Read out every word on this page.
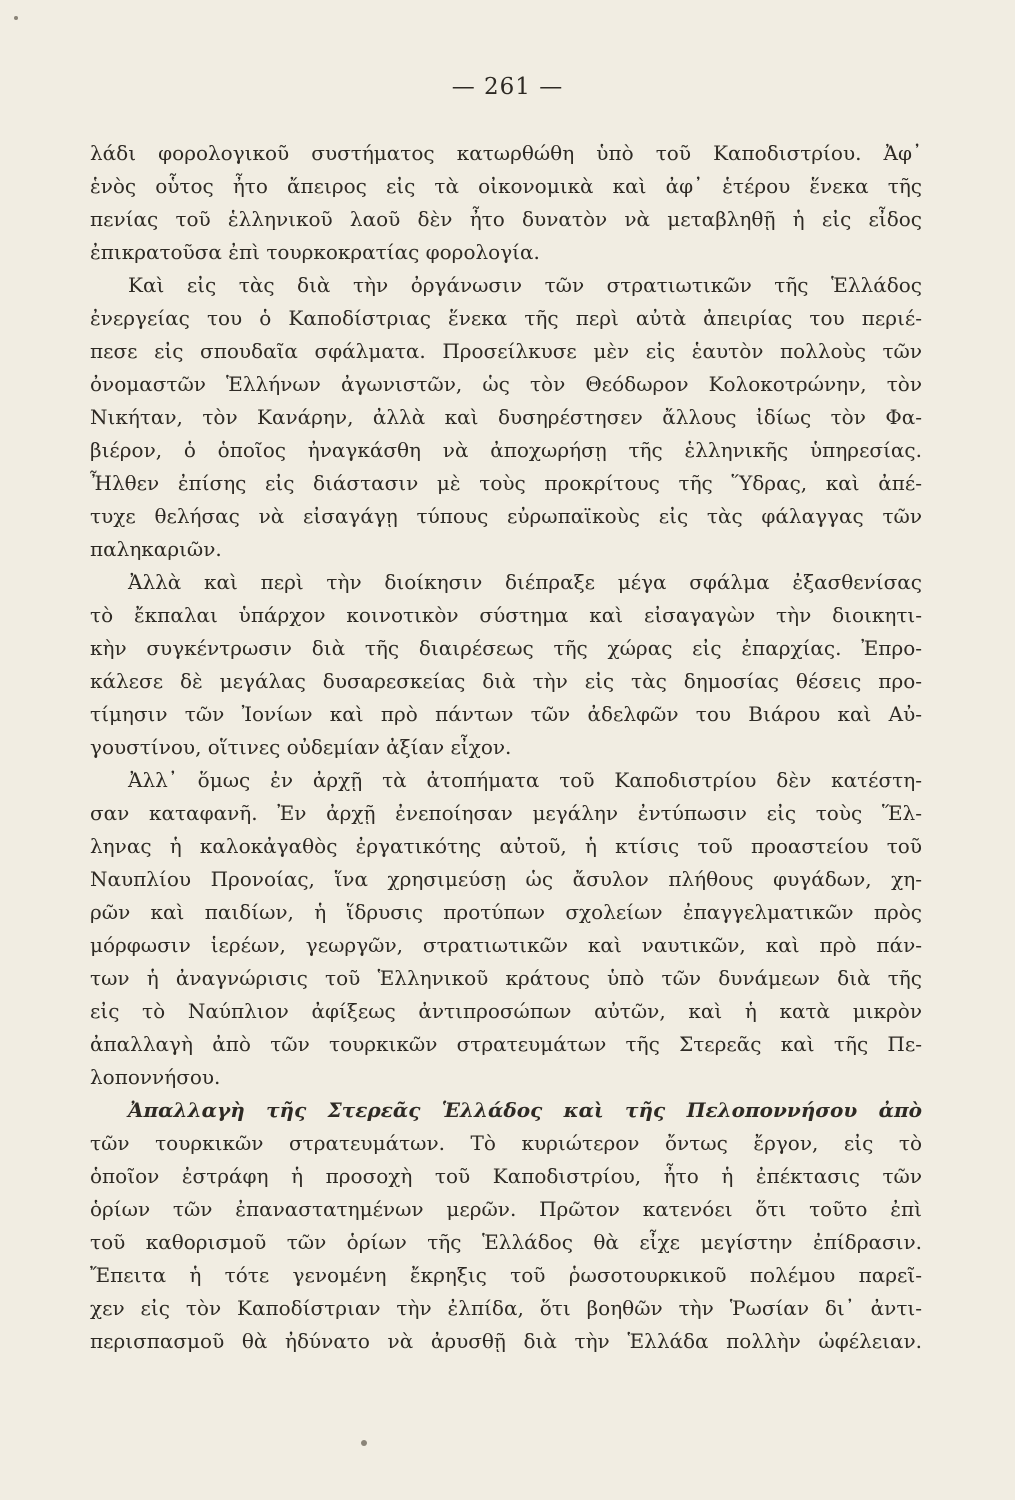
— 261 —
λάδι φορολογικοῦ συστήματος κατωρθώθη ὑπὸ τοῦ Καποδιστρίου. Ἀφ᾽
ἑνὸς οὗτος ἦτο ἄπειρος εἰς τὰ οἰκονομικὰ καὶ ἀφ᾽ ἑτέρου ἕνεκα τῆς
πενίας τοῦ ἑλληνικοῦ λαοῦ δὲν ἦτο δυνατὸν νὰ μεταβληθῇ ἡ εἰς εἶδος
ἐπικρατοῦσα ἐπὶ τουρκοκρατίας φορολογία.
Καὶ εἰς τὰς διὰ τὴν ὀργάνωσιν τῶν στρατιωτικῶν τῆς Ἑλλάδος
ἐνεργείας του ὁ Καποδίστριας ἕνεκα τῆς περὶ αὐτὰ ἀπειρίας του περιέ-
πεσε εἰς σπουδαῖα σφάλματα. Προσείλκυσε μὲν εἰς ἑαυτὸν πολλοὺς τῶν
ὀνομαστῶν Ἑλλήνων ἀγωνιστῶν, ὡς τὸν Θεόδωρον Κολοκοτρώνην, τὸν
Νικήταν, τὸν Κανάρην, ἀλλὰ καὶ δυσηρέστησεν ἄλλους ἰδίως τὸν Φα-
βιέρον, ὁ ὁποῖος ἠναγκάσθη νὰ ἀποχωρήσῃ τῆς ἑλληνικῆς ὑπηρεσίας.
Ἦλθεν ἐπίσης εἰς διάστασιν μὲ τοὺς προκρίτους τῆς Ὕδρας, καὶ ἀπέ-
τυχε θελήσας νὰ εἰσαγάγῃ τύπους εὐρωπαϊκοὺς εἰς τὰς φάλαγγας τῶν
παληκαριῶν.
Ἀλλὰ καὶ περὶ τὴν διοίκησιν διέπραξε μέγα σφάλμα ἐξασθενίσας
τὸ ἔκπαλαι ὑπάρχον κοινοτικὸν σύστημα καὶ εἰσαγαγὼν τὴν διοικητι-
κὴν συγκέντρωσιν διὰ τῆς διαιρέσεως τῆς χώρας εἰς ἐπαρχίας. Ἐπρο-
κάλεσε δὲ μεγάλας δυσαρεσκείας διὰ τὴν εἰς τὰς δημοσίας θέσεις προ-
τίμησιν τῶν Ἰονίων καὶ πρὸ πάντων τῶν ἀδελφῶν του Βιάρου καὶ Αὐ-
γουστίνου, οἵτινες οὐδεμίαν ἀξίαν εἶχον.
Ἀλλ᾽ ὅμως ἐν ἀρχῇ τὰ ἀτοπήματα τοῦ Καποδιστρίου δὲν κατέστη-
σαν καταφανῆ. Ἐν ἀρχῇ ἐνεποίησαν μεγάλην ἐντύπωσιν εἰς τοὺς Ἕλ-
ληνας ἡ καλοκἀγαθὸς ἐργατικότης αὐτοῦ, ἡ κτίσις τοῦ προαστείου τοῦ
Ναυπλίου Προνοίας, ἵνα χρησιμεύσῃ ὡς ἄσυλον πλήθους φυγάδων, χη-
ρῶν καὶ παιδίων, ἡ ἵδρυσις προτύπων σχολείων ἐπαγγελματικῶν πρὸς
μόρφωσιν ἱερέων, γεωργῶν, στρατιωτικῶν καὶ ναυτικῶν, καὶ πρὸ πάν-
των ἡ ἀναγνώρισις τοῦ Ἑλληνικοῦ κράτους ὑπὸ τῶν δυνάμεων διὰ τῆς
εἰς τὸ Ναύπλιον ἀφίξεως ἀντιπροσώπων αὐτῶν, καὶ ἡ κατὰ μικρὸν
ἀπαλλαγὴ ἀπὸ τῶν τουρκικῶν στρατευμάτων τῆς Στερεᾶς καὶ τῆς Πε-
λοποννήσου.
Ἀπαλλαγὴ τῆς Στερεᾶς Ἑλλάδος καὶ τῆς Πελοποννήσου ἀπὸ
τῶν τουρκικῶν στρατευμάτων. Τὸ κυριώτερον ὄντως ἔργον, εἰς τὸ
ὁποῖον ἐστράφη ἡ προσοχὴ τοῦ Καποδιστρίου, ἦτο ἡ ἐπέκτασις τῶν
ὁρίων τῶν ἐπαναστατημένων μερῶν. Πρῶτον κατενόει ὅτι τοῦτο ἐπὶ
τοῦ καθορισμοῦ τῶν ὁρίων τῆς Ἑλλάδος θὰ εἶχε μεγίστην ἐπίδρασιν.
Ἔπειτα ἡ τότε γενομένη ἔκρηξις τοῦ ῥωσοτουρκικοῦ πολέμου παρεῖ-
χεν εἰς τὸν Καποδίστριαν τὴν ἐλπίδα, ὅτι βοηθῶν τὴν Ῥωσίαν δι᾽ ἀντι-
περισπασμοῦ θὰ ἠδύνατο νὰ ἀρυσθῇ διὰ τὴν Ἑλλάδα πολλὴν ὠφέλειαν.
